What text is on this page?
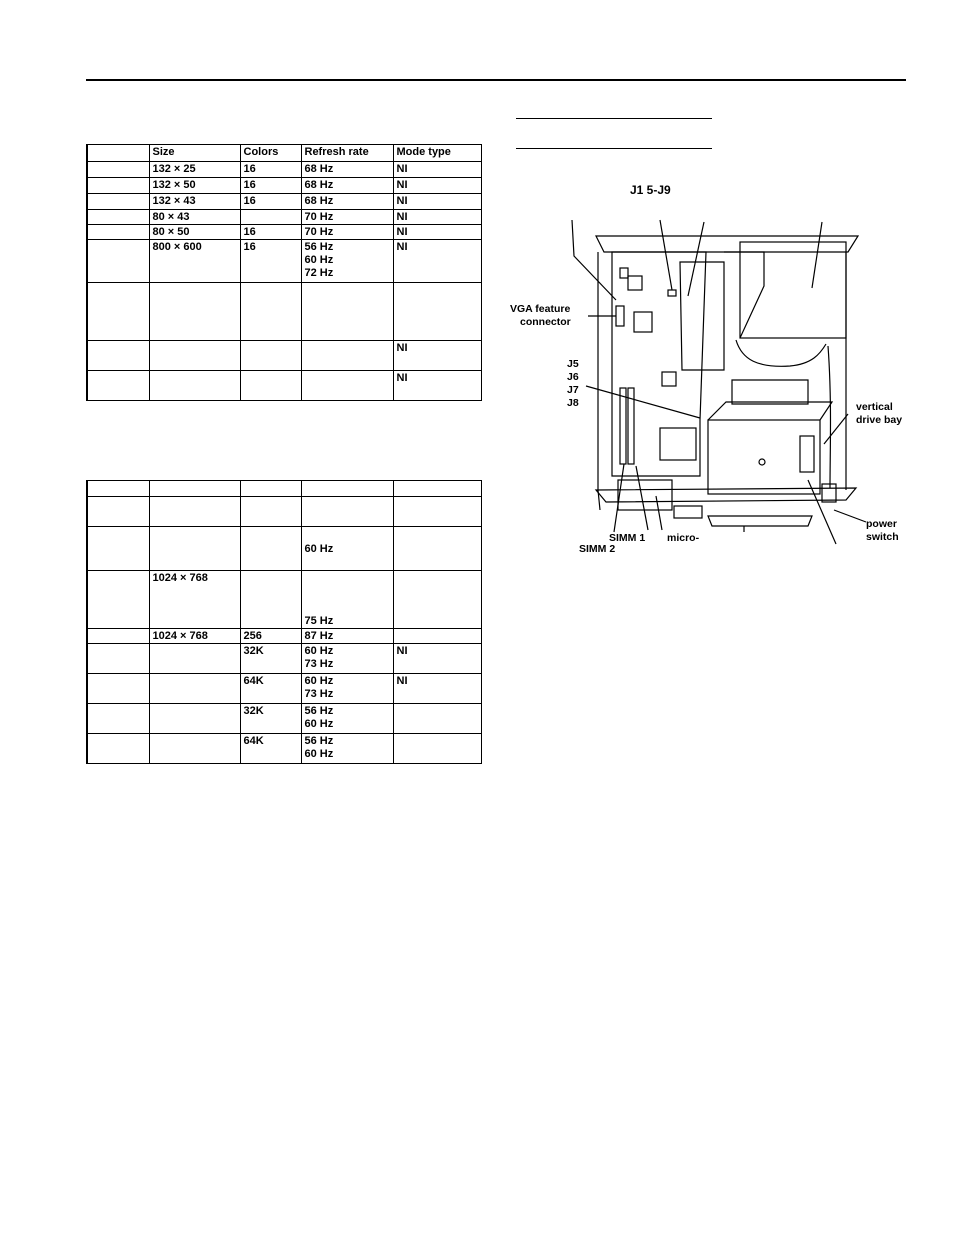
	Size	Colors	Refresh rate	Mode type
	132 × 25	16	68 Hz	NI
	132 × 50	16	68 Hz	NI
	132 × 43	16	68 Hz	NI
	80 × 43		70 Hz	NI
	80 × 50	16	70 Hz	NI
	800 × 600	16	56 Hz
60 Hz
72 Hz	NI

				NI
				NI

			60 Hz	
	1024 × 768		75 Hz	
	1024 × 768	256	87 Hz	
		32K	60 Hz
73 Hz	NI
		64K	60 Hz
73 Hz	NI
		32K	56 Hz
60 Hz	

		64K	56 Hz
60 Hz	

J1 5-J9
VGA feature
connector
J5
J6
J7
J8	vertical
drive bay
power
switch
SIMM 1
SIMM 2
micro-
